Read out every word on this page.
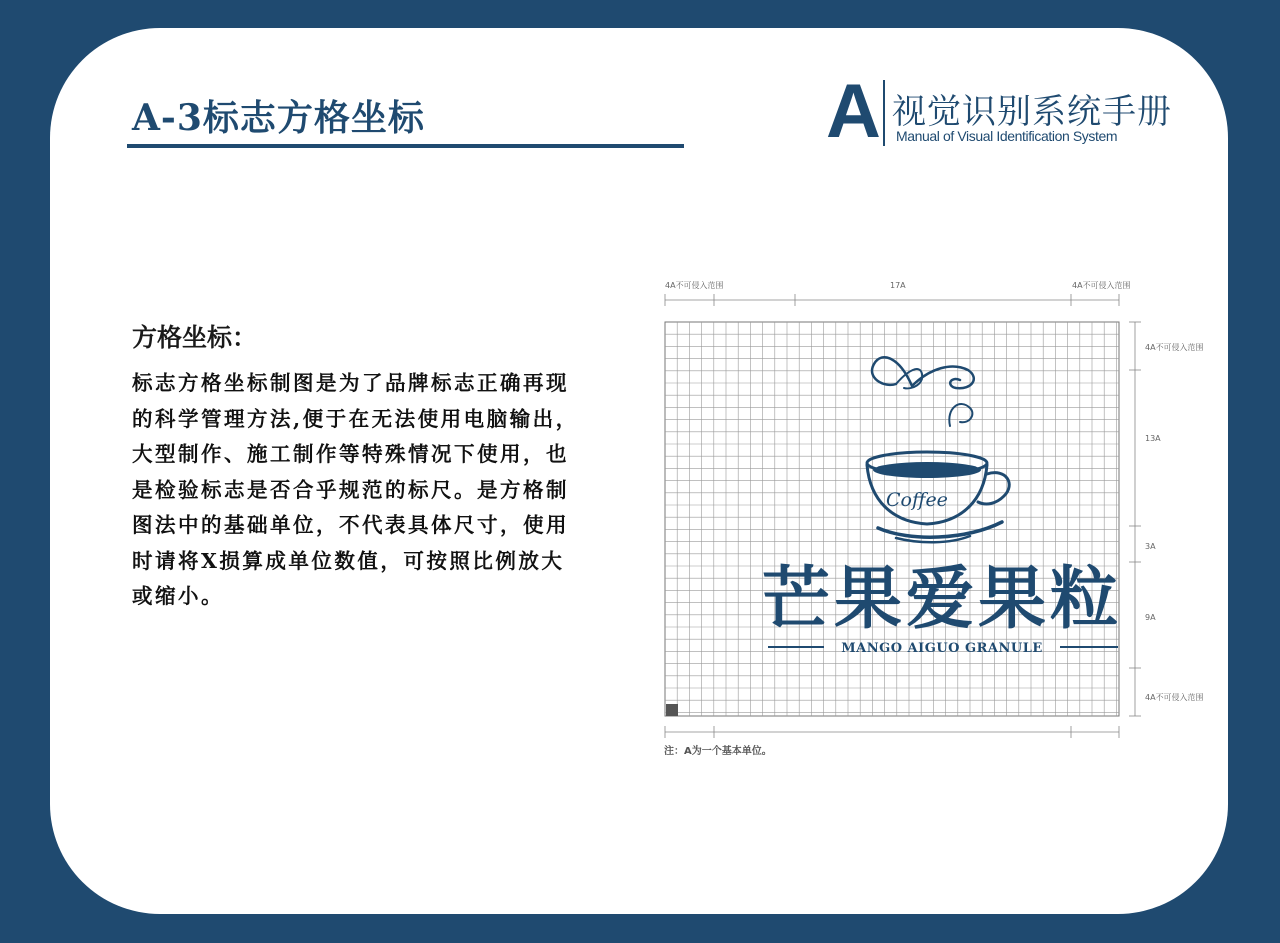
A-3标志方格坐标	A 视觉识别系统手册
Manual of Visual Identification System
方格坐标：

标志方格坐标制图是为了品牌标志正确再现的科学管理方法,便于在无法使用电脑输出，大型制作、施工制作等特殊情况下使用，也是检验标志是否合乎规范的标尺。是方格制图法中的基础单位，不代表具体尺寸，使用时请将X损算成单位数值，可按照比例放大或缩小。

4A不可侵入范围	17A	4A不可侵入范围
4A不可侵入范围
13A
3A
9A
4A不可侵入范围
Coffee
芒果爱果粒
MANGO AIGUO GRANULE

注：A为一个基本单位。
